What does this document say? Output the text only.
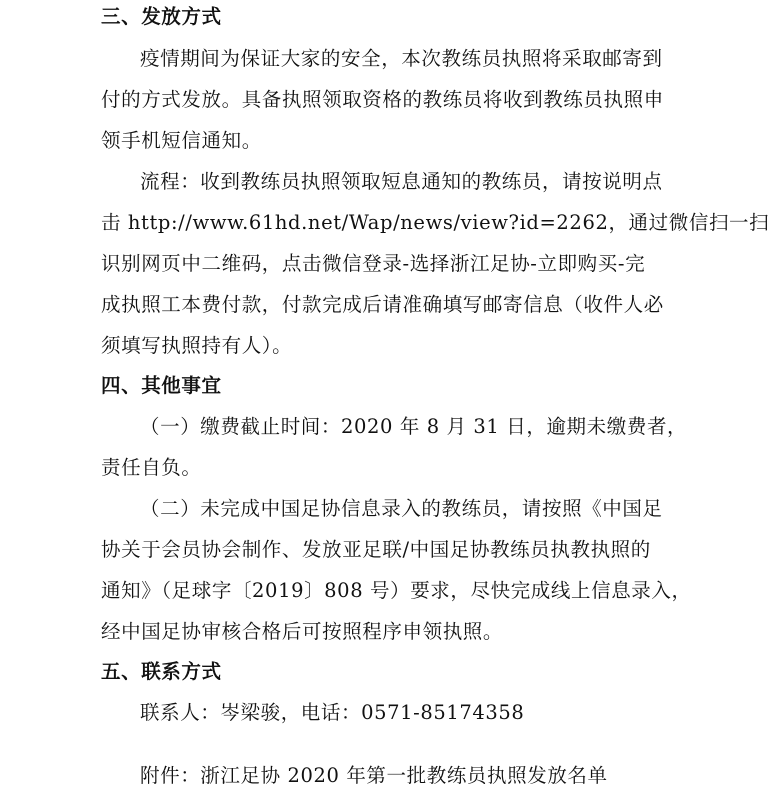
三、发放方式
疫情期间为保证大家的安全，本次教练员执照将采取邮寄到
付的方式发放。具备执照领取资格的教练员将收到教练员执照申
领手机短信通知。
流程：收到教练员执照领取短息通知的教练员，请按说明点
击 http://www.61hd.net/Wap/news/view?id=2262，通过微信扫一扫
识别网页中二维码，点击微信登录-选择浙江足协-立即购买-完
成执照工本费付款，付款完成后请准确填写邮寄信息（收件人必
须填写执照持有人）。
四、其他事宜
（一）缴费截止时间：2020 年 8 月 31 日，逾期未缴费者，
责任自负。
（二）未完成中国足协信息录入的教练员，请按照《中国足
协关于会员协会制作、发放亚足联/中国足协教练员执教执照的
通知》（足球字〔2019〕808 号）要求，尽快完成线上信息录入，
经中国足协审核合格后可按照程序申领执照。
五、联系方式
联系人：岑梁骏，电话：0571-85174358
附件：浙江足协 2020 年第一批教练员执照发放名单
